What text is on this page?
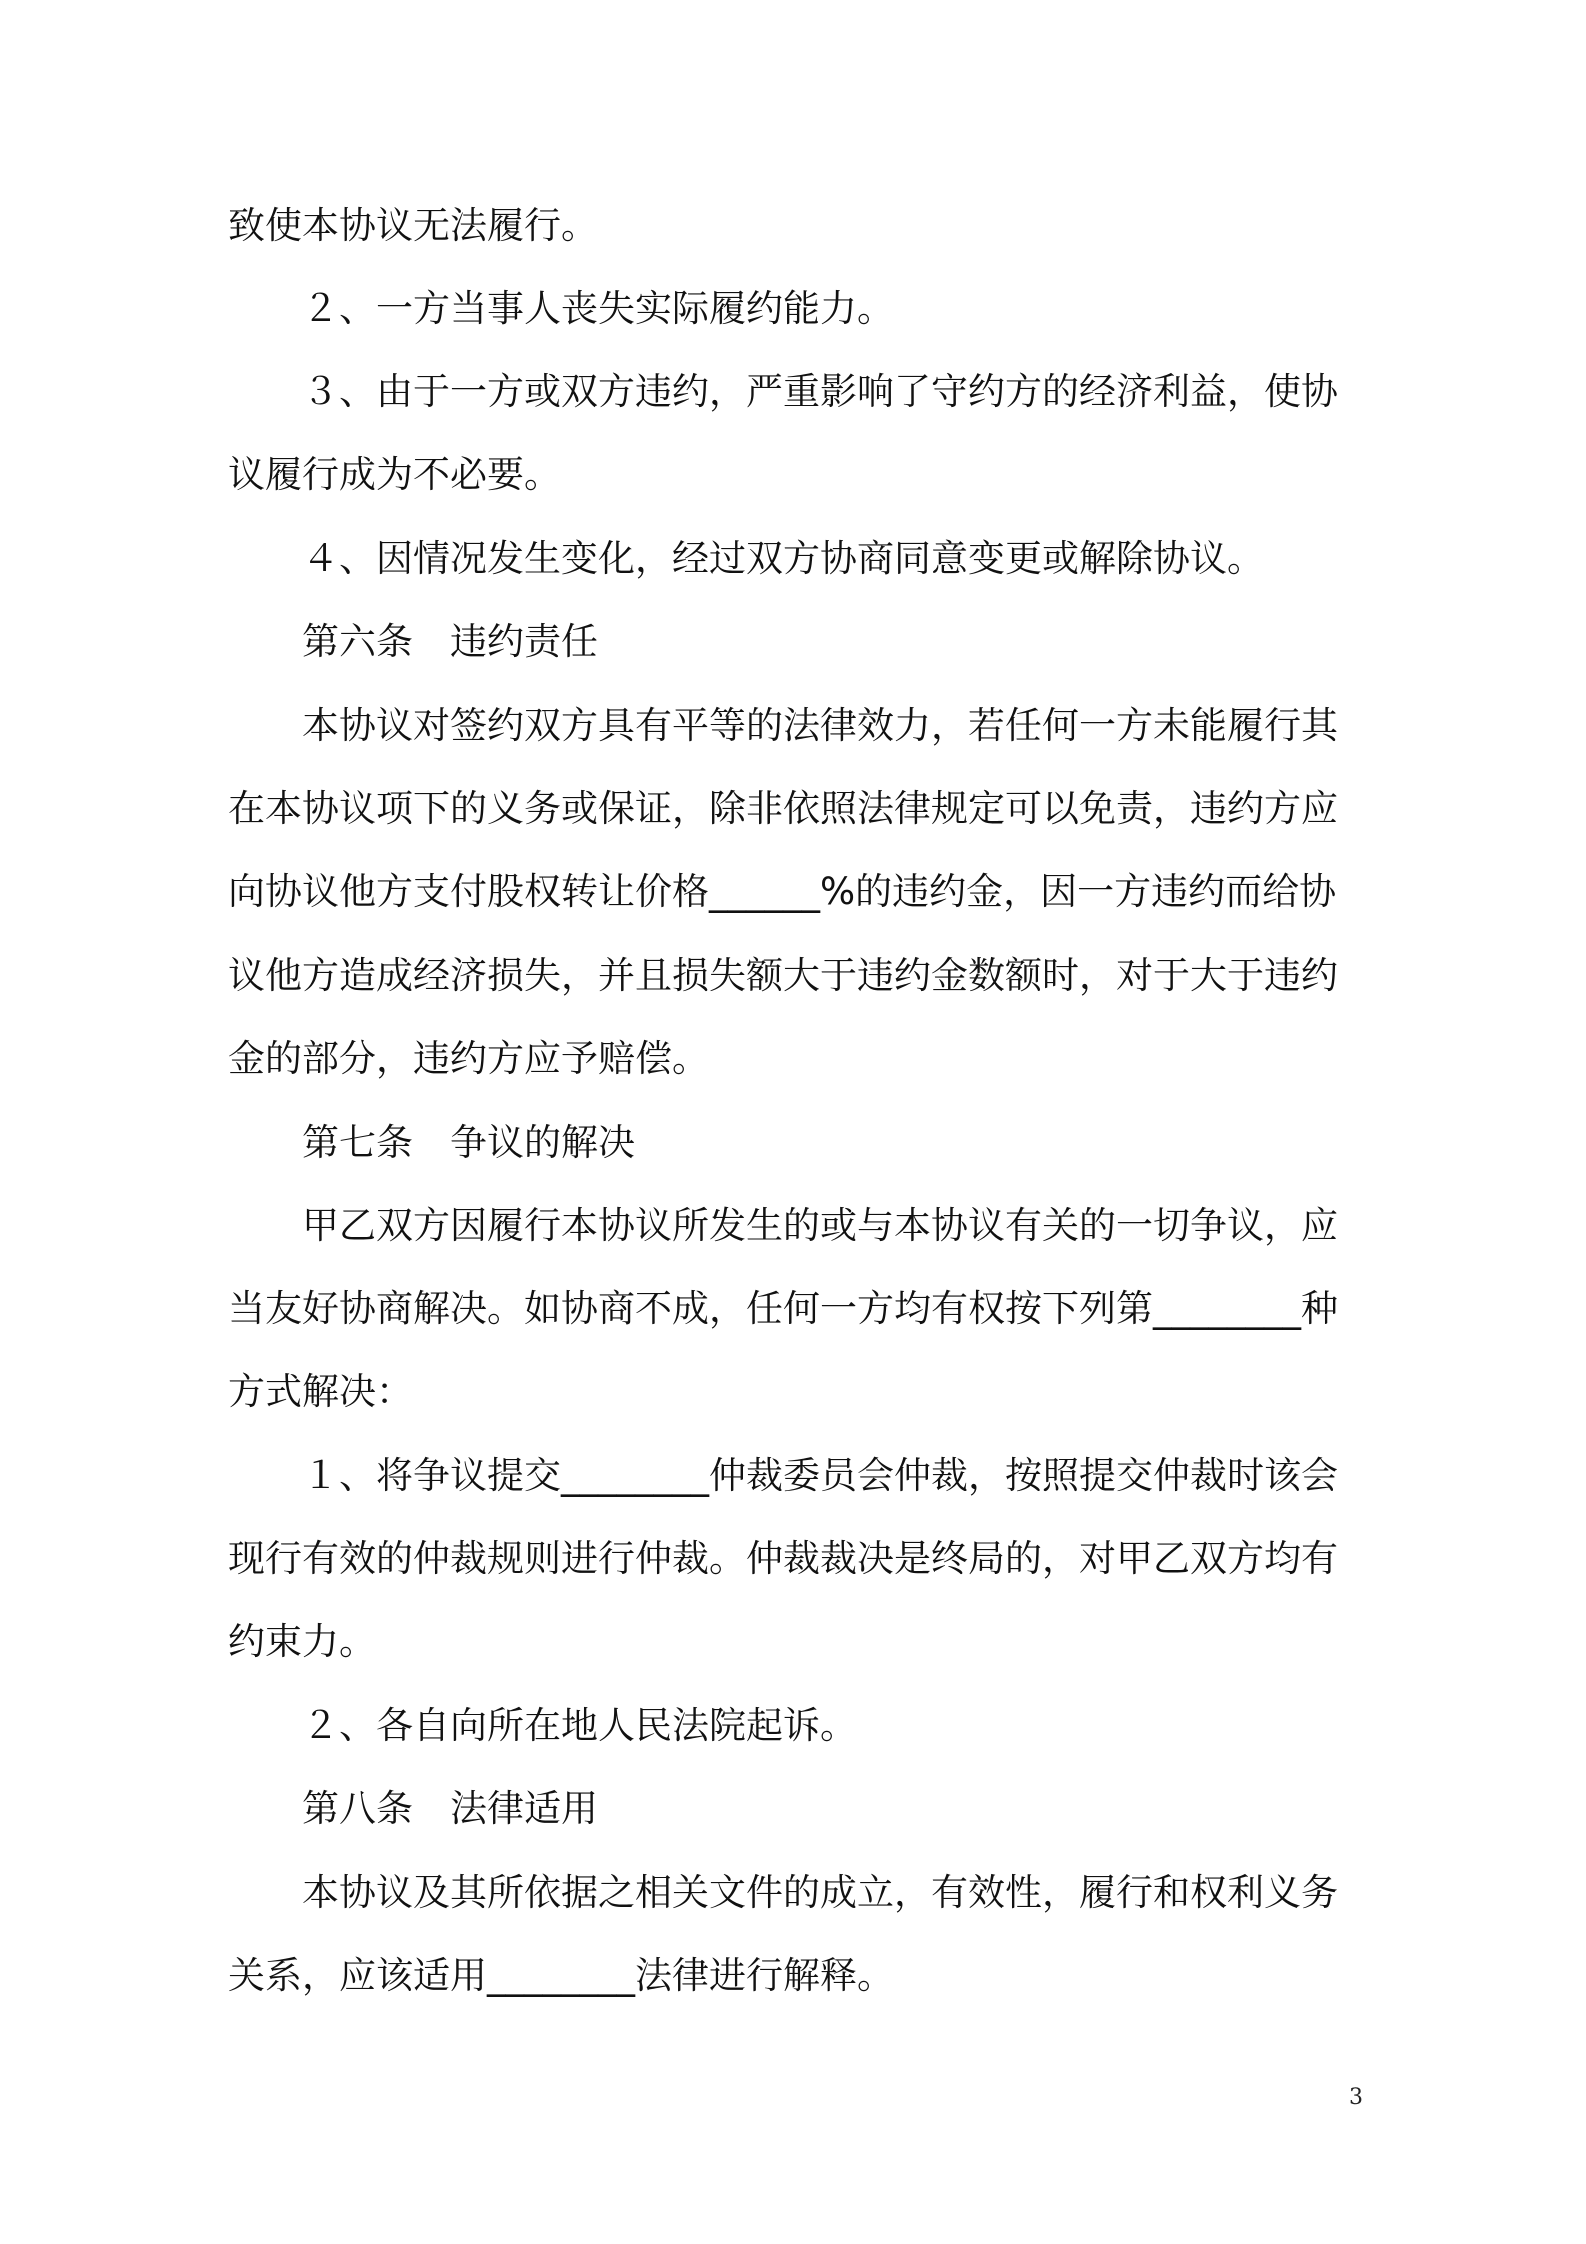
致使本协议无法履行。
２、一方当事人丧失实际履约能力。
３、由于一方或双方违约，严重影响了守约方的经济利益，使协
议履行成为不必要。
４、因情况发生变化，经过双方协商同意变更或解除协议。
第六条　违约责任
本协议对签约双方具有平等的法律效力，若任何一方未能履行其
在本协议项下的义务或保证，除非依照法律规定可以免责，违约方应
向协议他方支付股权转让价格______%的违约金，因一方违约而给协
议他方造成经济损失，并且损失额大于违约金数额时，对于大于违约
金的部分，违约方应予赔偿。
第七条　争议的解决
甲乙双方因履行本协议所发生的或与本协议有关的一切争议，应
当友好协商解决。如协商不成，任何一方均有权按下列第________种
方式解决：
１、将争议提交________仲裁委员会仲裁，按照提交仲裁时该会
现行有效的仲裁规则进行仲裁。仲裁裁决是终局的，对甲乙双方均有
约束力。
２、各自向所在地人民法院起诉。
第八条　法律适用
本协议及其所依据之相关文件的成立，有效性，履行和权利义务
关系，应该适用________法律进行解释。
3
